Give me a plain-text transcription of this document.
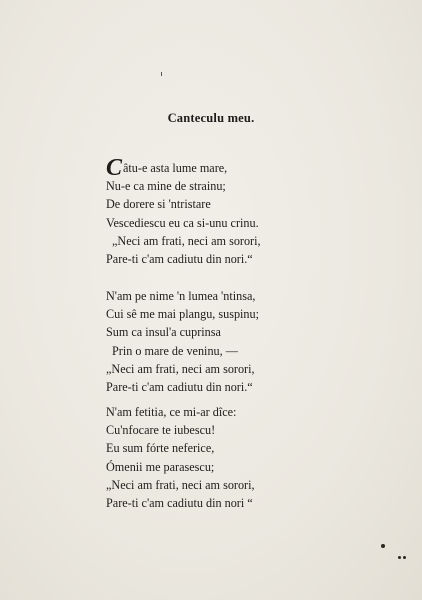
Canteculu meu.
Câtu-e asta lume mare,
Nu-e ca mine de strainu;
De dorere si 'ntristare
Vescediescu eu ca si-unu crinu.
„Neci am frati, neci am sorori,
Pare-ti c'am cadiutu din nori.“
N'am pe nime 'n lumea 'ntinsa,
Cui sê me mai plangu, suspinu;
Sum ca insul'a cuprinsa
Prin o mare de veninu, —
„Neci am frati, neci am sorori,
Pare-ti c'am cadiutu din nori.“
N'am fetitia, ce mi-ar dîce:
Cu'nfocare te iubescu!
Eu sum fórte neferice,
Ómenii me parasescu;
„Neci am frati, neci am sorori,
Pare-ti c'am cadiutu din nori “
